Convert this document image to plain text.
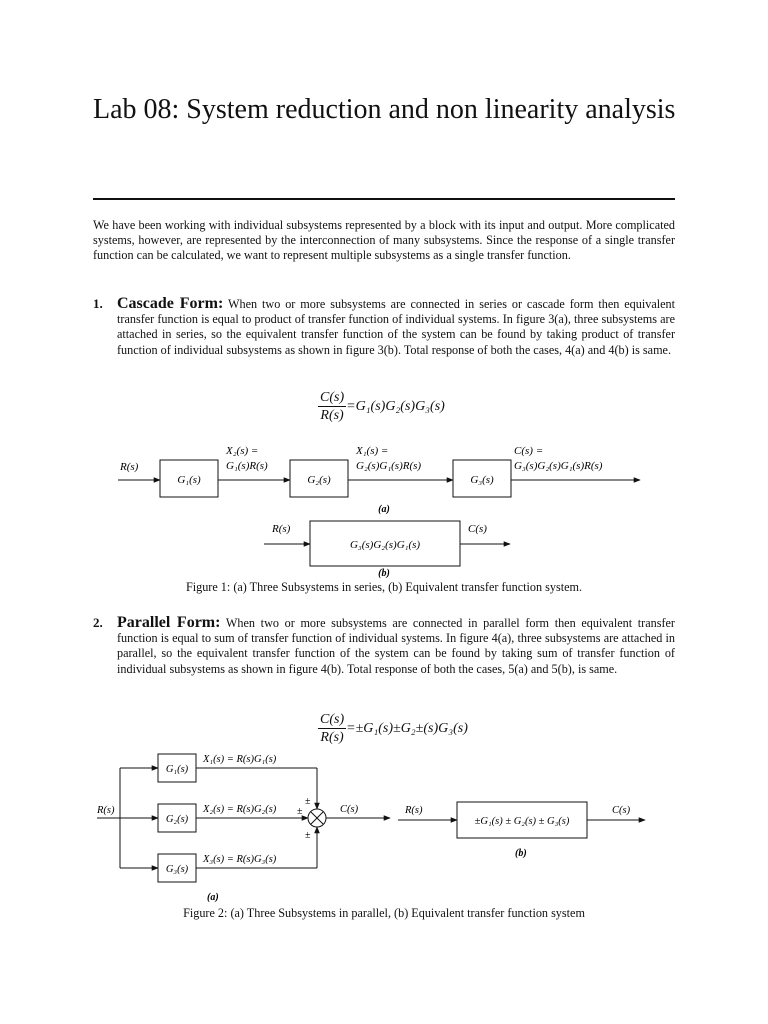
Lab 08: System reduction and non linearity analysis

We have been working with individual subsystems represented by a block with its input and output. More complicated systems, however, are represented by the interconnection of many subsystems. Since the response of a single transfer function can be calculated, we want to represent multiple subsystems as a single transfer function.

1. Cascade Form: When two or more subsystems are connected in series or cascade form then equivalent transfer function is equal to product of transfer function of individual systems. In figure 3(a), three subsystems are attached in series, so the equivalent transfer function of the system can be found by taking product of transfer function of individual subsystems as shown in figure 3(b). Total response of both the cases, 4(a) and 4(b) is same.

$\frac{C(s)}{R(s)} =G_1(s)G_2(s)G_3(s)$
R(s)
G₁(s)
X₂(s) =
G₁(s)R(s)
G₂(s)
X₁(s) =
G₂(s)G₁(s)R(s)
G₃(s)
C(s) =
G₃(s)G₂(s)G₁(s)R(s)
(a)
R(s)
G₃(s)G₂(s)G₁(s)
C(s)
(b)
Figure 1: (a) Three Subsystems in series, (b) Equivalent transfer function system.
2. Parallel Form: When two or more subsystems are connected in parallel form then equivalent transfer function is equal to sum of transfer function of individual systems. In figure 4(a), three subsystems are attached in parallel, so the equivalent transfer function of the system can be found by taking sum of transfer function of individual subsystems as shown in figure 4(b). Total response of both the cases, 5(a) and 5(b), is same.

$\frac{C(s)}{R(s)} =\pm G_1(s)\pm G_2\pm(s)G_3(s)$
R(s)
G₁(s)
G₂(s)
G₃(s)
X₁(s) = R(s)G₁(s)
X₂(s) = R(s)G₂(s)
X₃(s) = R(s)G₃(s)
±
±
±
C(s)
(a)
R(s)
±G₁(s) ± G₂(s) ± G₃(s)
C(s)
(b)
Figure 2: (a) Three Subsystems in parallel, (b) Equivalent transfer function system
